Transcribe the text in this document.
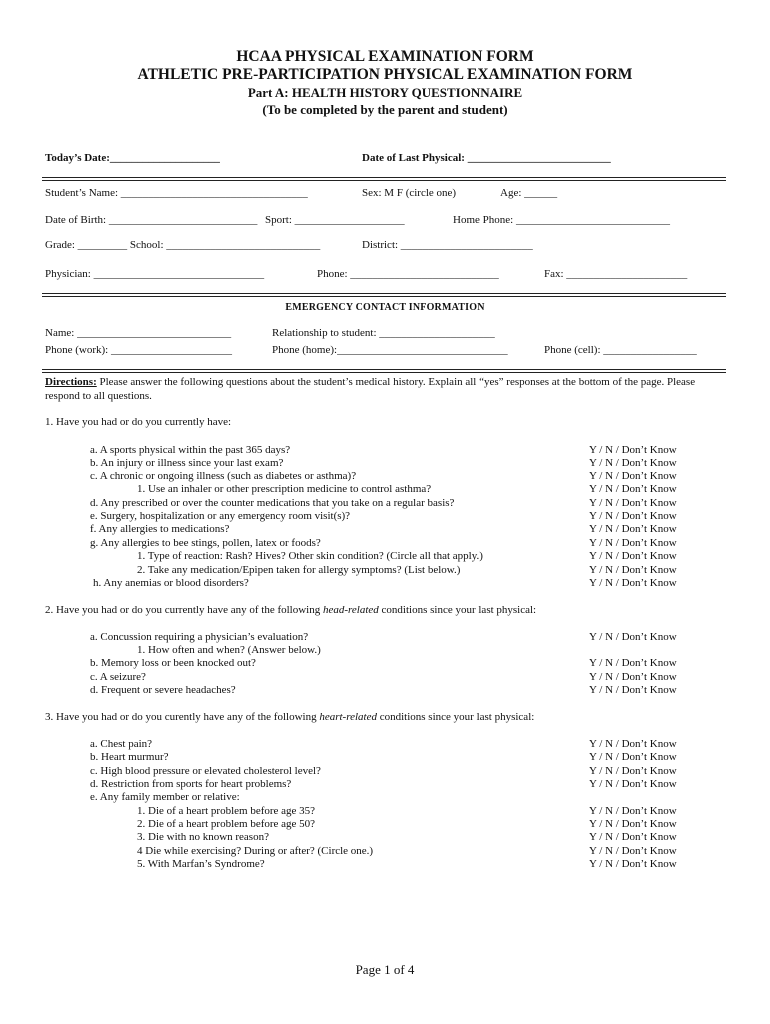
HCAA PHYSICAL EXAMINATION FORM
ATHLETIC PRE-PARTICIPATION PHYSICAL EXAMINATION FORM
Part A: HEALTH HISTORY QUESTIONNAIRE
(To be completed by the parent and student)
Today’s Date:____________________	Date of Last Physical: __________________________
Student’s Name: __________________________________	Sex: M F (circle one)	Age: ______
Date of Birth: ___________________________ Sport: ____________________	Home Phone: ____________________________
Grade: _________ School: ____________________________	District: ________________________
Physician: _______________________________	Phone: ___________________________	Fax: ______________________
EMERGENCY CONTACT INFORMATION
Name: ____________________________	Relationship to student: _____________________
Phone (work): ______________________	Phone (home):_______________________________	Phone (cell): _________________
Directions: Please answer the following questions about the student’s medical history. Explain all “yes” responses at the bottom of the page. Please
respond to all questions.
1. Have you had or do you currently have:
a. A sports physical within the past 365 days?	Y / N / Don’t Know
b. An injury or illness since your last exam?	Y / N / Don’t Know
c. A chronic or ongoing illness (such as diabetes or asthma)?	Y / N / Don’t Know
1. Use an inhaler or other prescription medicine to control asthma?	Y / N / Don’t Know
d. Any prescribed or over the counter medications that you take on a regular basis?	Y / N / Don’t Know
e. Surgery, hospitalization or any emergency room visit(s)?	Y / N / Don’t Know
f. Any allergies to medications?	Y / N / Don’t Know
g. Any allergies to bee stings, pollen, latex or foods?	Y / N / Don’t Know
1. Type of reaction: Rash? Hives? Other skin condition? (Circle all that apply.)	Y / N / Don’t Know
2. Take any medication/Epipen taken for allergy symptoms? (List below.)	Y / N / Don’t Know
h. Any anemias or blood disorders?	Y / N / Don’t Know
2. Have you had or do you currently have any of the following head-related conditions since your last physical:
a. Concussion requiring a physician’s evaluation?	Y / N / Don’t Know
1. How often and when? (Answer below.)
b. Memory loss or been knocked out?	Y / N / Don’t Know
c. A seizure?	Y / N / Don’t Know
d. Frequent or severe headaches?	Y / N / Don’t Know
3. Have you had or do you curently have any of the following heart-related conditions since your last physical:
a. Chest pain?	Y / N / Don’t Know
b. Heart murmur?	Y / N / Don’t Know
c. High blood pressure or elevated cholesterol level?	Y / N / Don’t Know
d. Restriction from sports for heart problems?	Y / N / Don’t Know
e. Any family member or relative:
1. Die of a heart problem before age 35?	Y / N / Don’t Know
2. Die of a heart problem before age 50?	Y / N / Don’t Know
3. Die with no known reason?	Y / N / Don’t Know
4 Die while exercising? During or after? (Circle one.)	Y / N / Don’t Know
5. With Marfan’s Syndrome?	Y / N / Don’t Know
Page 1 of 4
